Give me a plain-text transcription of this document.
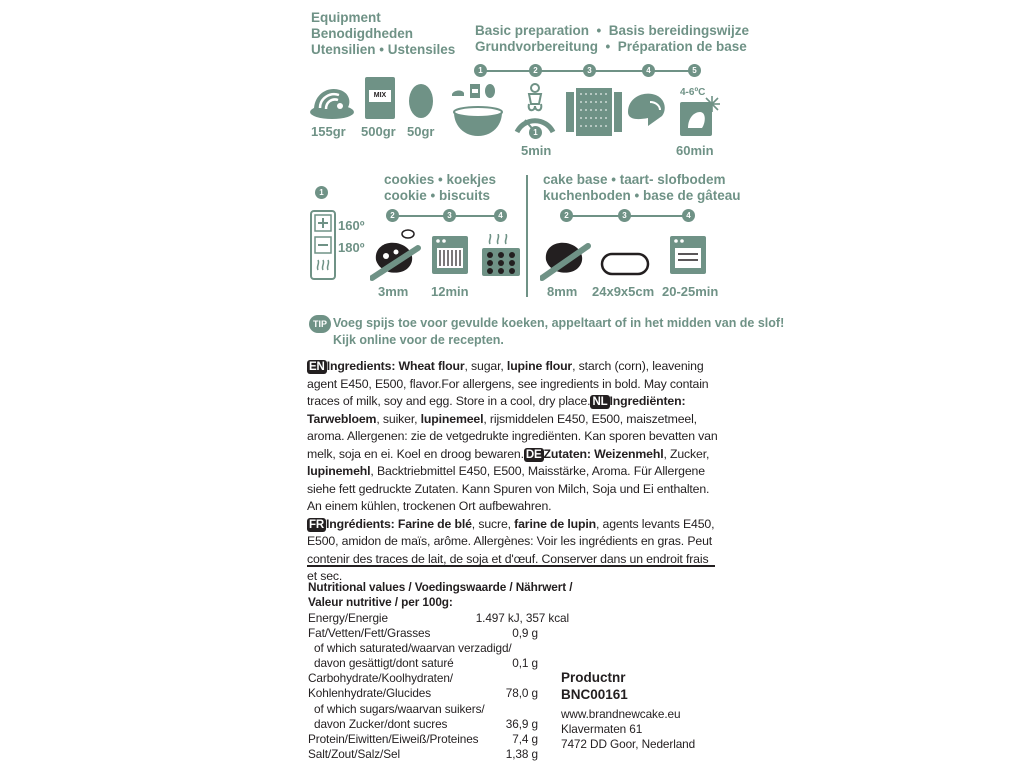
Equipment
Benodigdheden
Utensilien • Ustensiles
155gr
MIX
500gr 50gr
Basic preparation  •  Basis bereidingswijze
Grundvorbereitung  •  Préparation de base
1	2	3	4	5
1
5min
4-6ºC
60min
1
160º
180º
cookies • koekjes
cookie • biscuits
2	3	4
3mm 12min
cake base • taart- slofbodem
kuchenboden • base de gâteau
2	3	4
8mm 24x9x5cm 20-25min
TIP Voeg spijs toe voor gevulde koeken, appeltaart of in het midden van de slof!
Kijk online voor de recepten.
EN Ingredients: Wheat flour, sugar, lupine flour, starch (corn), leavening agent E450, E500, flavor.For allergens, see ingredients in bold. May contain traces of milk, soy and egg. Store in a cool, dry place. NL Ingrediënten: Tarwebloem, suiker, lupinemeel, rijsmiddelen E450, E500, maiszetmeel, aroma. Allergenen: zie de vetgedrukte ingrediënten. Kan sporen bevatten van melk, soja en ei. Koel en droog bewaren. DE Zutaten: Weizenmehl, Zucker, lupinemehl, Backtriebmittel E450, E500, Maisstärke, Aroma. Für Allergene siehe fett gedruckte Zutaten. Kann Spuren von Milch, Soja und Ei enthalten. An einem kühlen, trockenen Ort aufbewahren.
FR Ingrédients: Farine de blé, sucre, farine de lupin, agents levants E450, E500, amidon de maïs, arôme. Allergènes: Voir les ingrédients en gras. Peut contenir des traces de lait, de soja et d'œuf. Conserver dans un endroit frais et sec.
Nutritional values / Voedingswaarde / Nährwert /
Valeur nutritive / per 100g:
Energy/Energie	1.497 kJ, 357 kcal
Fat/Vetten/Fett/Grasses	0,9 g
of which saturated/waarvan verzadigd/
davon gesättigt/dont saturé	0,1 g
Carbohydrate/Koolhydraten/
Kohlenhydrate/Glucides	78,0 g
of which sugars/waarvan suikers/
davon Zucker/dont sucres	36,9 g
Protein/Eiwitten/Eiweiß/Proteines	7,4 g
Salt/Zout/Salz/Sel	1,38 g
Productnr
BNC00161
www.brandnewcake.eu
Klavermaten 61
7472 DD Goor, Nederland
